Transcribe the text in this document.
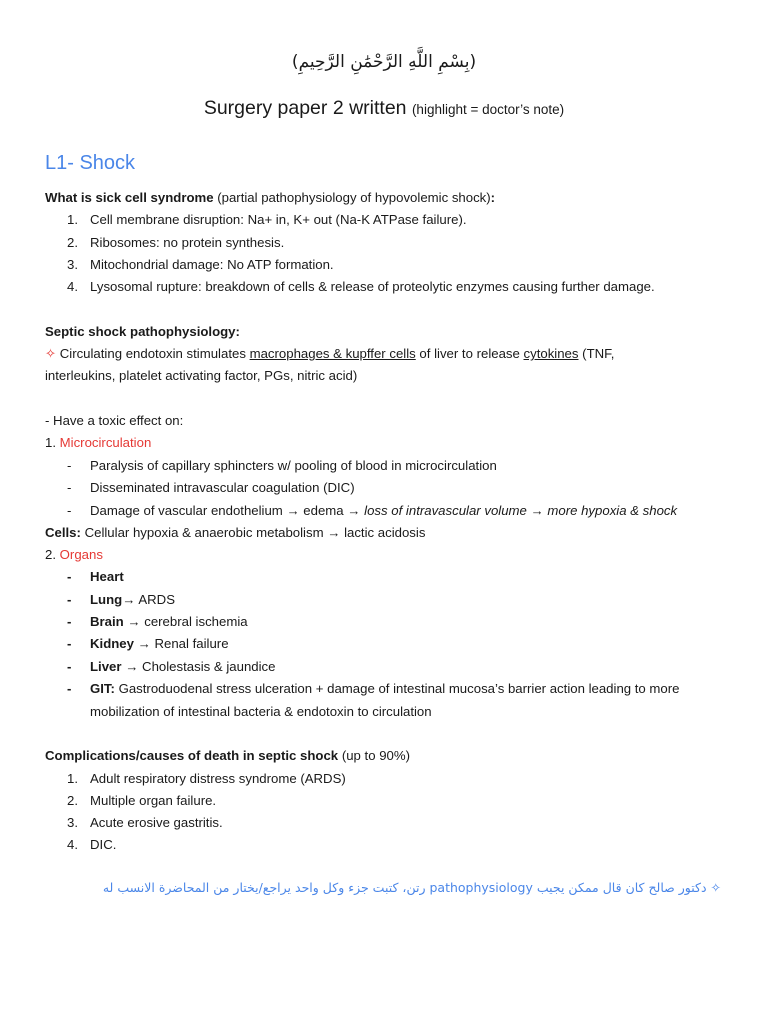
(بِسْمِ اللَّهِ الرَّحْمَٰنِ الرَّحِيمِ)
Surgery paper 2 written (highlight = doctor’s note)
L1- Shock
What is sick cell syndrome (partial pathophysiology of hypovolemic shock):
1. Cell membrane disruption: Na+ in, K+ out (Na-K ATPase failure).
2. Ribosomes: no protein synthesis.
3. Mitochondrial damage: No ATP formation.
4. Lysosomal rupture: breakdown of cells & release of proteolytic enzymes causing further damage.
Septic shock pathophysiology:
✧ Circulating endotoxin stimulates macrophages & kupffer cells of liver to release cytokines (TNF,
interleukins, platelet activating factor, PGs, nitric acid)
- Have a toxic effect on:
1. Microcirculation
- Paralysis of capillary sphincters w/ pooling of blood in microcirculation
- Disseminated intravascular coagulation (DIC)
- Damage of vascular endothelium → edema → loss of intravascular volume → more hypoxia & shock
Cells: Cellular hypoxia & anaerobic metabolism → lactic acidosis
2. Organs
- Heart
- Lung→ ARDS
- Brain → cerebral ischemia
- Kidney → Renal failure
- Liver → Cholestasis & jaundice
- GIT: Gastroduodenal stress ulceration + damage of intestinal mucosa’s barrier action leading to more
mobilization of intestinal bacteria & endotoxin to circulation
Complications/causes of death in septic shock (up to 90%)
1. Adult respiratory distress syndrome (ARDS)
2. Multiple organ failure.
3. Acute erosive gastritis.
4. DIC.
✧ دكتور صالح كان قال ممكن يجيب pathophysiology رتن، كتبت جزء وكل واحد يراجع/يختار من المحاضرة الانسب له
